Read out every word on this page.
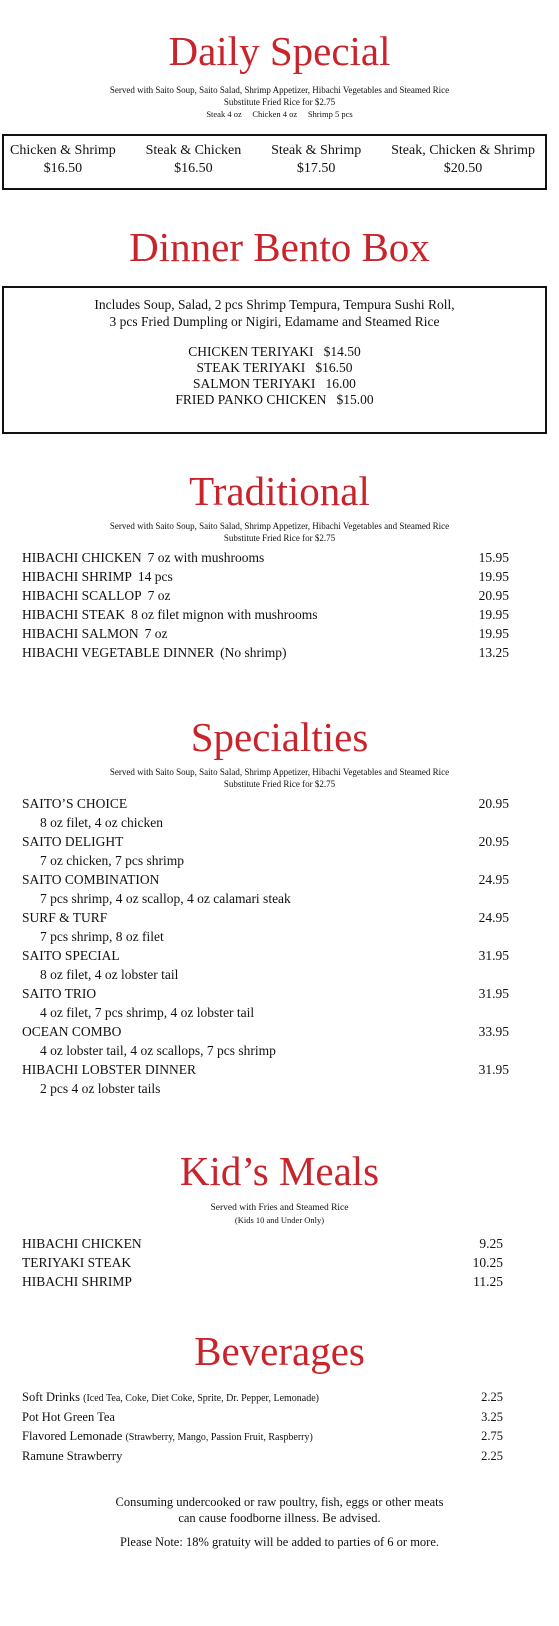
Daily Special

Served with Saito Soup, Saito Salad, Shrimp Appetizer, Hibachi Vegetables and Steamed Rice

Substitute Fried Rice for $2.75

Steak 4 oz     Chicken 4 oz     Shrimp 5 pcs

Chicken & Shrimp
$16.50
Steak & Chicken
$16.50
Steak & Shrimp
$17.50
Steak, Chicken & Shrimp
$20.50
Dinner Bento Box

Includes Soup, Salad, 2 pcs Shrimp Tempura, Tempura Sushi Roll,
3 pcs Fried Dumpling or Nigiri, Edamame and Steamed Rice

CHICKEN TERIYAKI   $14.50
STEAK TERIYAKI   $16.50
SALMON TERIYAKI   16.00
FRIED PANKO CHICKEN   $15.00
Traditional

Served with Saito Soup, Saito Salad, Shrimp Appetizer, Hibachi Vegetables and Steamed Rice

Substitute Fried Rice for $2.75

HIBACHI CHICKEN 7 oz with mushrooms	15.95
HIBACHI SHRIMP 14 pcs	19.95
HIBACHI SCALLOP 7 oz	20.95
HIBACHI STEAK 8 oz filet mignon with mushrooms	19.95
HIBACHI SALMON 7 oz	19.95
HIBACHI VEGETABLE DINNER (No shrimp)	13.25
Specialties

Served with Saito Soup, Saito Salad, Shrimp Appetizer, Hibachi Vegetables and Steamed Rice

Substitute Fried Rice for $2.75

SAITO’S CHOICE	20.95
8 oz filet, 4 oz chicken
SAITO DELIGHT	20.95
7 oz chicken, 7 pcs shrimp
SAITO COMBINATION	24.95
7 pcs shrimp, 4 oz scallop, 4 oz calamari steak
SURF & TURF	24.95
7 pcs shrimp, 8 oz filet
SAITO SPECIAL	31.95
8 oz filet, 4 oz lobster tail
SAITO TRIO	31.95
4 oz filet, 7 pcs shrimp, 4 oz lobster tail
OCEAN COMBO	33.95
4 oz lobster tail, 4 oz scallops, 7 pcs shrimp
HIBACHI LOBSTER DINNER	31.95
2 pcs 4 oz lobster tails
Kid’s Meals

Served with Fries and Steamed Rice

(Kids 10 and Under Only)

HIBACHI CHICKEN	9.25
TERIYAKI STEAK	10.25
HIBACHI SHRIMP	11.25
Beverages
Soft Drinks (Iced Tea, Coke, Diet Coke, Sprite, Dr. Pepper, Lemonade)	2.25
Pot Hot Green Tea	3.25
Flavored Lemonade (Strawberry, Mango, Passion Fruit, Raspberry)	2.75
Ramune Strawberry	2.25
Consuming undercooked or raw poultry, fish, eggs or other meats
can cause foodborne illness. Be advised.
Please Note: 18% gratuity will be added to parties of 6 or more.
